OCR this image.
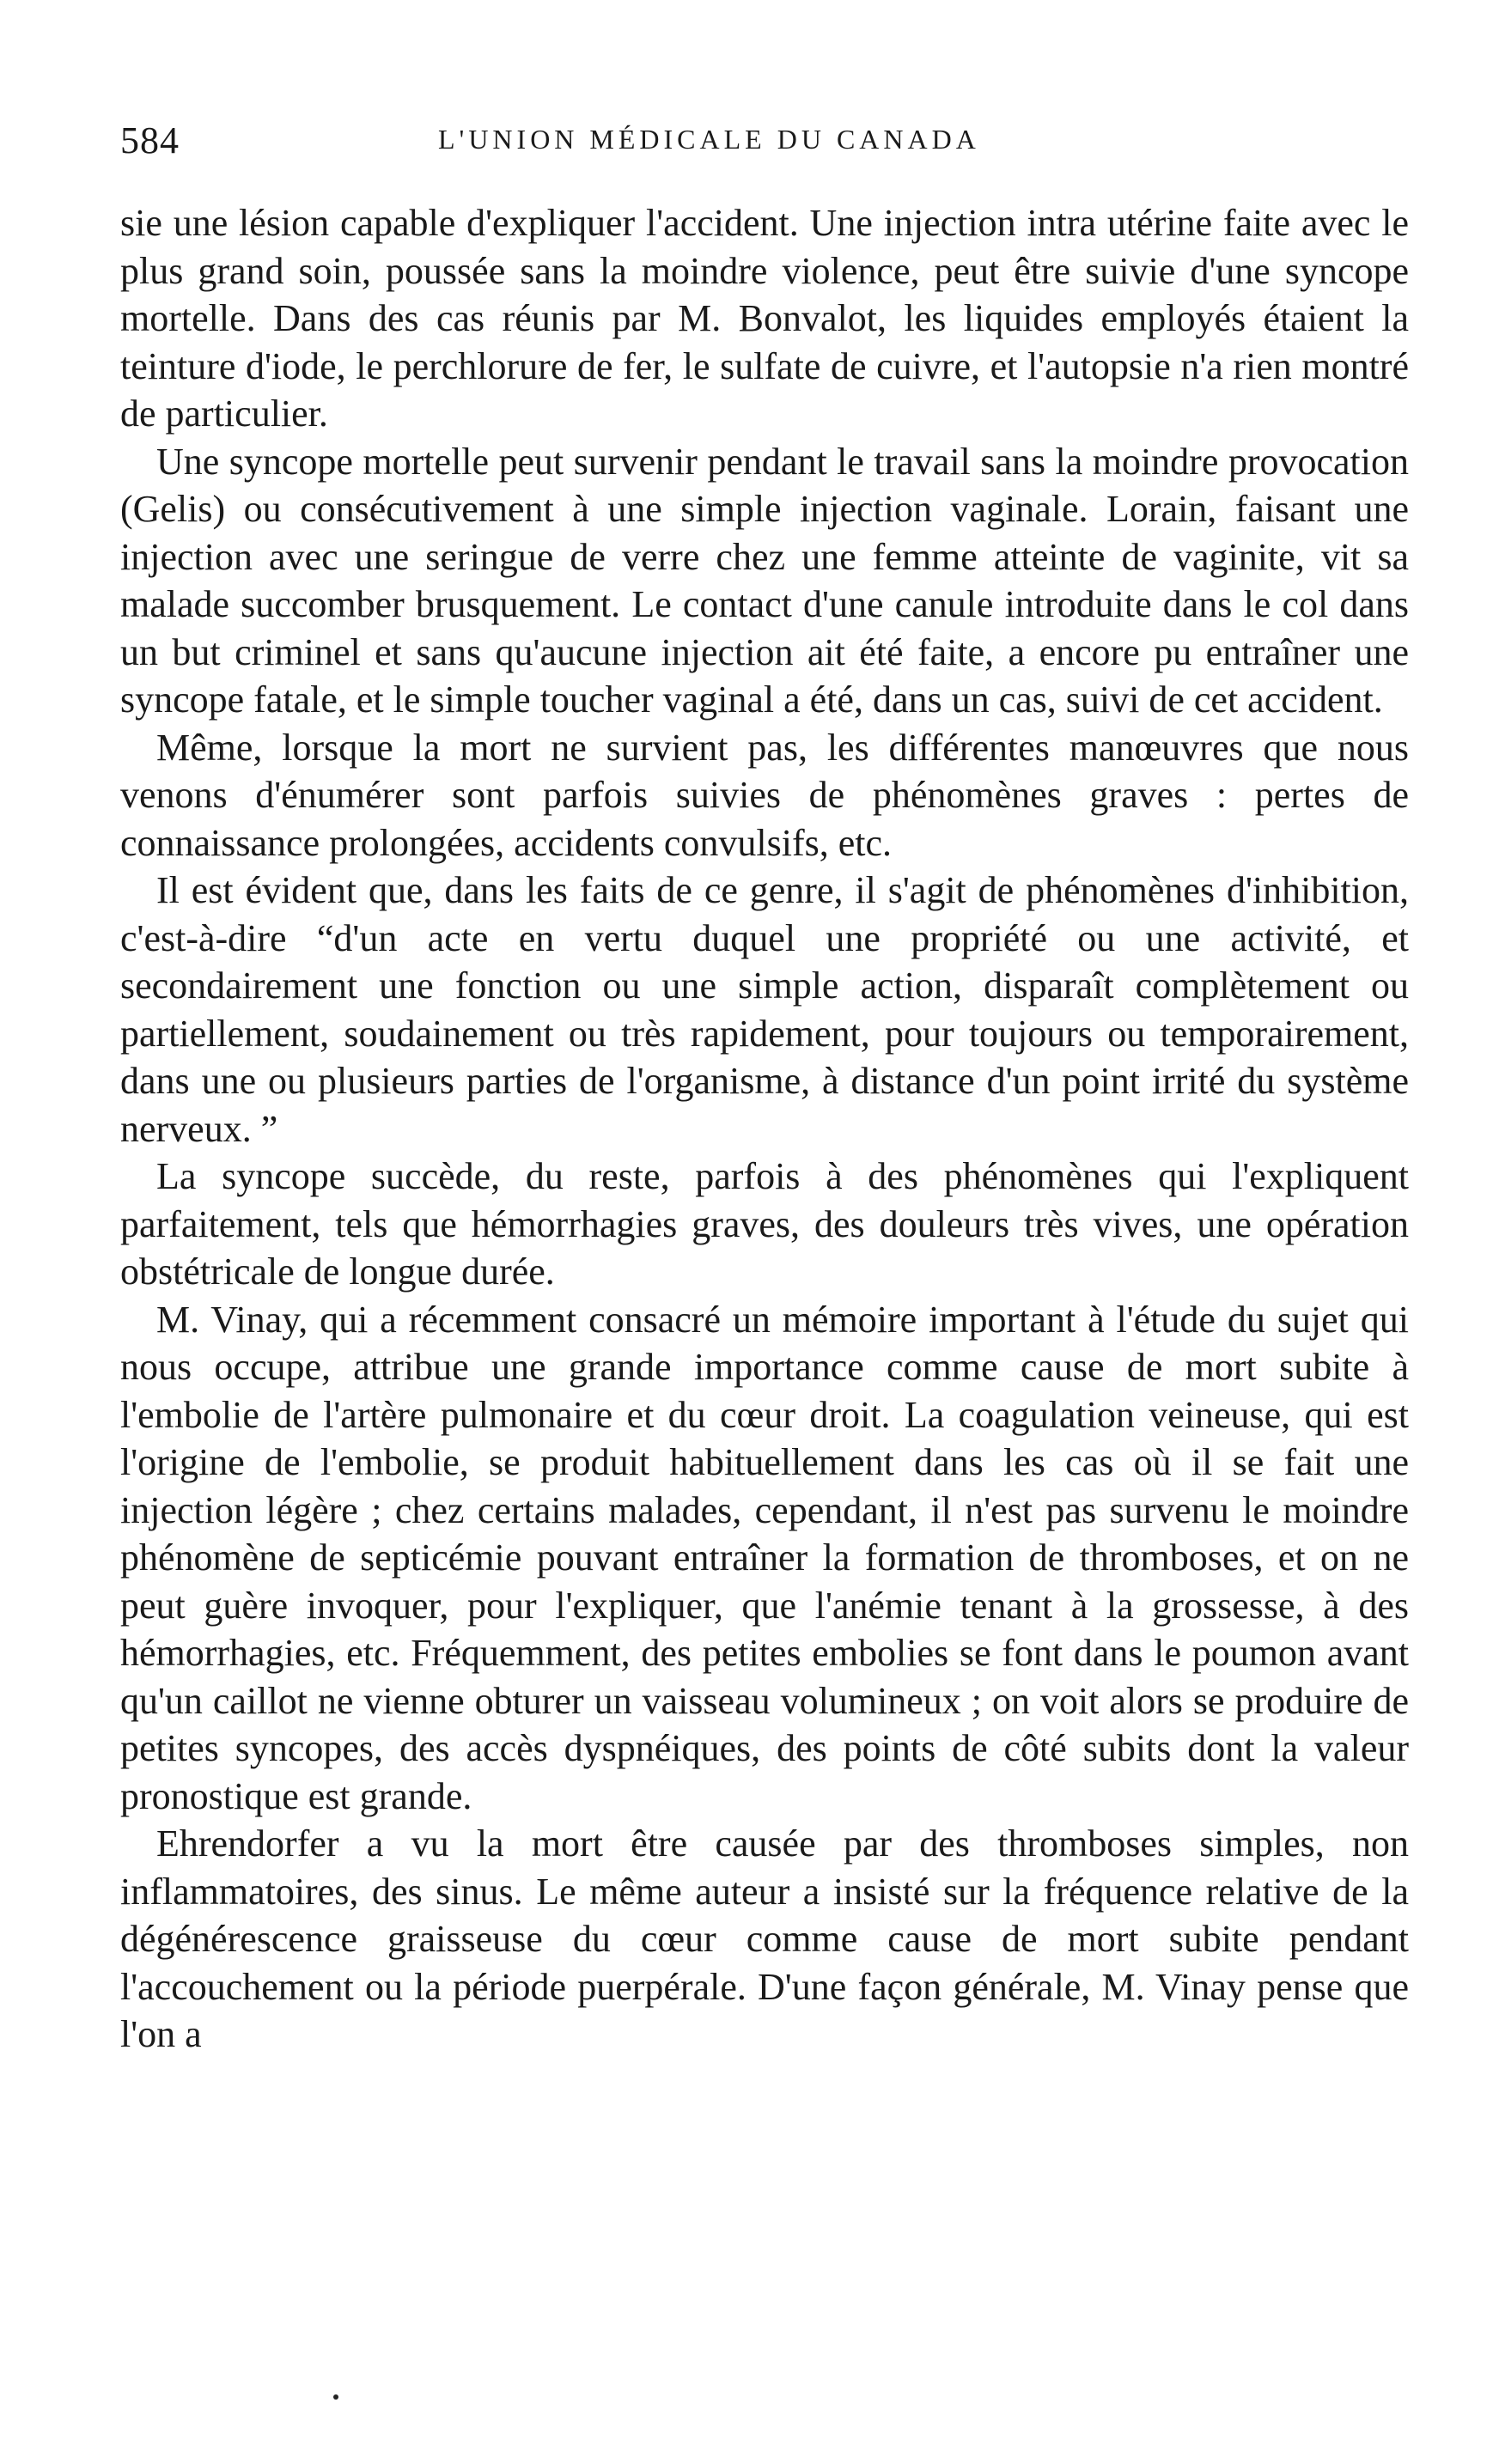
584	L'UNION MÉDICALE DU CANADA

sie une lésion capable d'expliquer l'accident. Une injection intra utérine faite avec le plus grand soin, poussée sans la moindre violence, peut être suivie d'une syncope mortelle. Dans des cas réunis par M. Bonvalot, les liquides employés étaient la teinture d'iode, le perchlorure de fer, le sulfate de cuivre, et l'autopsie n'a rien montré de particulier.

Une syncope mortelle peut survenir pendant le travail sans la moindre provocation (Gelis) ou consécutivement à une simple injection vaginale. Lorain, faisant une injection avec une seringue de verre chez une femme atteinte de vaginite, vit sa malade succomber brusquement. Le contact d'une canule introduite dans le col dans un but criminel et sans qu'aucune injection ait été faite, a encore pu entraîner une syncope fatale, et le simple toucher vaginal a été, dans un cas, suivi de cet accident.

Même, lorsque la mort ne survient pas, les différentes manœuvres que nous venons d'énumérer sont parfois suivies de phénomènes graves : pertes de connaissance prolongées, accidents convulsifs, etc.

Il est évident que, dans les faits de ce genre, il s'agit de phénomènes d'inhibition, c'est-à-dire “d'un acte en vertu duquel une propriété ou une activité, et secondairement une fonction ou une simple action, disparaît complètement ou partiellement, soudainement ou très rapidement, pour toujours ou temporairement, dans une ou plusieurs parties de l'organisme, à distance d'un point irrité du système nerveux. ”

La syncope succède, du reste, parfois à des phénomènes qui l'expliquent parfaitement, tels que hémorrhagies graves, des douleurs très vives, une opération obstétricale de longue durée.

M. Vinay, qui a récemment consacré un mémoire important à l'étude du sujet qui nous occupe, attribue une grande importance comme cause de mort subite à l'embolie de l'artère pulmonaire et du cœur droit. La coagulation veineuse, qui est l'origine de l'embolie, se produit habituellement dans les cas où il se fait une injection légère ; chez certains malades, cependant, il n'est pas survenu le moindre phénomène de septicémie pouvant entraîner la formation de thromboses, et on ne peut guère invoquer, pour l'expliquer, que l'anémie tenant à la grossesse, à des hémorrhagies, etc. Fréquemment, des petites embolies se font dans le poumon avant qu'un caillot ne vienne obturer un vaisseau volumineux ; on voit alors se produire de petites syncopes, des accès dyspnéiques, des points de côté subits dont la valeur pronostique est grande.

Ehrendorfer a vu la mort être causée par des thromboses simples, non inflammatoires, des sinus. Le même auteur a insisté sur la fréquence relative de la dégénérescence graisseuse du cœur comme cause de mort subite pendant l'accouchement ou la période puerpérale. D'une façon générale, M. Vinay pense que l'on a
